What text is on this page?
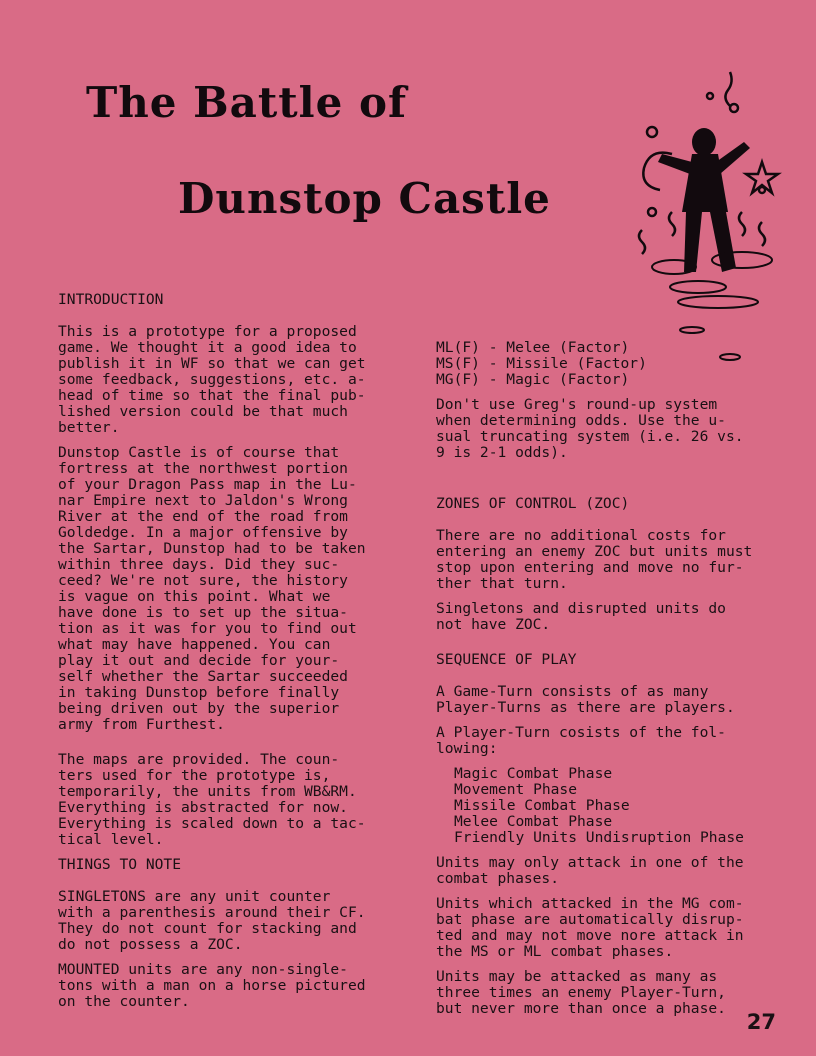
The Battle of
Dunstop Castle
INTRODUCTION
This is a prototype for a proposed
game. We thought it a good idea to
publish it in WF so that we can get
some feedback, suggestions, etc. a-
head of time so that the final pub-
lished version could be that much
better.
Dunstop Castle is of course that
fortress at the northwest portion
of your Dragon Pass map in the Lu-
nar Empire next to Jaldon's Wrong
River at the end of the road from
Goldedge. In a major offensive by
the Sartar, Dunstop had to be taken
within three days. Did they suc-
ceed? We're not sure, the history
is vague on this point. What we
have done is to set up the situa-
tion as it was for you to find out
what may have happened. You can
play it out and decide for your-
self whether the Sartar succeeded
in taking Dunstop before finally
being driven out by the superior
army from Furthest.
The maps are provided. The coun-
ters used for the prototype is,
temporarily, the units from WB&RM.
Everything is abstracted for now.
Everything is scaled down to a tac-
tical level.
THINGS TO NOTE
SINGLETONS are any unit counter
with a parenthesis around their CF.
They do not count for stacking and
do not possess a ZOC.
MOUNTED units are any non-single-
tons with a man on a horse pictured
on the counter.
ML(F) - Melee (Factor)
MS(F) - Missile (Factor)
MG(F) - Magic (Factor)
Don't use Greg's round-up system
when determining odds. Use the u-
sual truncating system (i.e. 26 vs.
9 is 2-1 odds).
ZONES OF CONTROL (ZOC)
There are no additional costs for
entering an enemy ZOC but units must
stop upon entering and move no fur-
ther that turn.
Singletons and disrupted units do
not have ZOC.
SEQUENCE OF PLAY
A Game-Turn consists of as many
Player-Turns as there are players.
A Player-Turn cosists of the fol-
lowing:
Magic Combat Phase
Movement Phase
Missile Combat Phase
Melee Combat Phase
Friendly Units Undisruption Phase
Units may only attack in one of the
combat phases.
Units which attacked in the MG com-
bat phase are automatically disrup-
ted and may not move nore attack in
the MS or ML combat phases.
Units may be attacked as many as
three times an enemy Player-Turn,
but never more than once a phase.
27
